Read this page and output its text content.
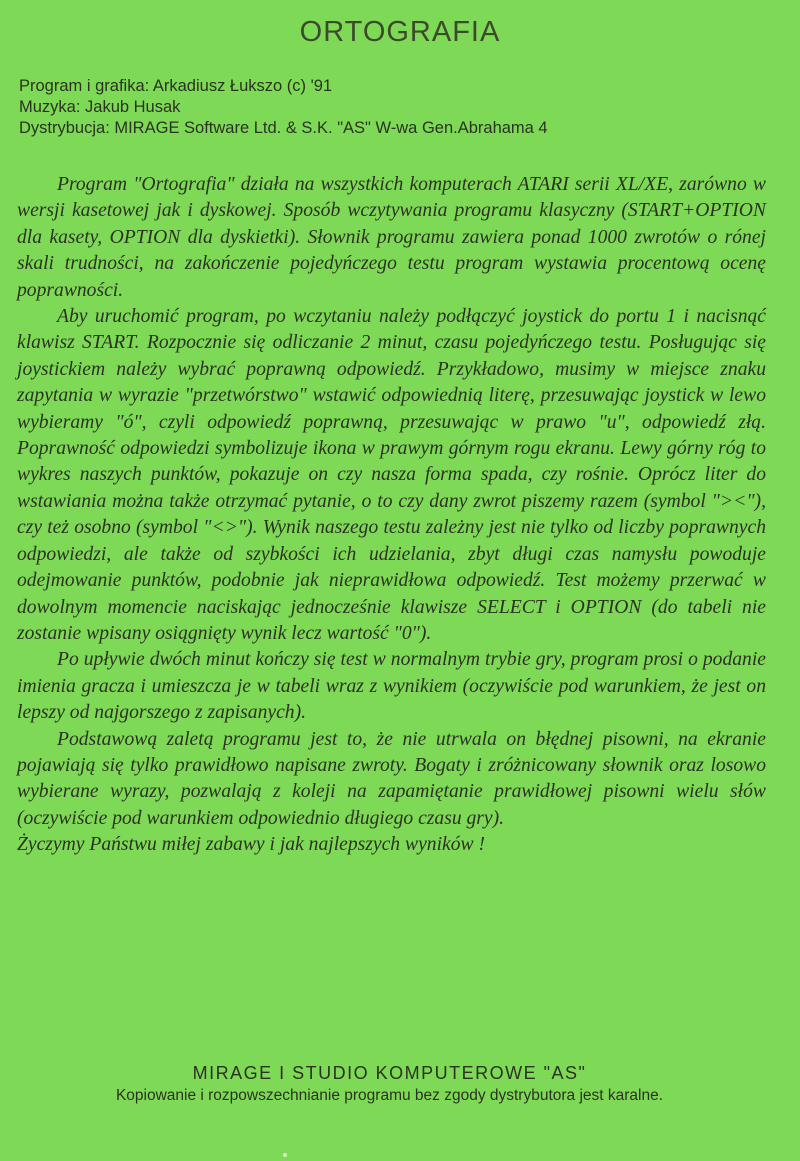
ORTOGRAFIA
Program i grafika: Arkadiusz Łukszo (c) '91
Muzyka: Jakub Husak
Dystrybucja: MIRAGE Software Ltd. & S.K. "AS" W-wa Gen.Abrahama 4

Program "Ortografia" działa na wszystkich komputerach ATARI serii XL/XE, zarówno w wersji kasetowej jak i dyskowej. Sposób wczytywania programu klasyczny (START+OPTION dla kasety, OPTION dla dyskietki). Słownik programu zawiera ponad 1000 zwrotów o rónej skali trudności, na zakończenie pojedyńczego testu program wystawia procentową ocenę poprawności.

Aby uruchomić program, po wczytaniu należy podłączyć joystick do portu 1 i nacisnąć klawisz START. Rozpocznie się odliczanie 2 minut, czasu pojedyńczego testu. Posługując się joystickiem należy wybrać poprawną odpowiedź. Przykładowo, musimy w miejsce znaku zapytania w wyrazie "przetwórstwo" wstawić odpowiednią literę, przesuwając joystick w lewo wybieramy "ó", czyli odpowiedź poprawną, przesuwając w prawo "u", odpowiedź złą. Poprawność odpowiedzi symbolizuje ikona w prawym górnym rogu ekranu. Lewy górny róg to wykres naszych punktów, pokazuje on czy nasza forma spada, czy rośnie. Oprócz liter do wstawiania można także otrzymać pytanie, o to czy dany zwrot piszemy razem (symbol "><"), czy też osobno (symbol "<>"). Wynik naszego testu zależny jest nie tylko od liczby poprawnych odpowiedzi, ale także od szybkości ich udzielania, zbyt długi czas namysłu powoduje odejmowanie punktów, podobnie jak nieprawidłowa odpowiedź. Test możemy przerwać w dowolnym momencie naciskając jednocześnie klawisze SELECT i OPTION (do tabeli nie zostanie wpisany osiągnięty wynik lecz wartość "0").

Po upływie dwóch minut kończy się test w normalnym trybie gry, program prosi o podanie imienia gracza i umieszcza je w tabeli wraz z wynikiem (oczywiście pod warunkiem, że jest on lepszy od najgorszego z zapisanych).

Podstawową zaletą programu jest to, że nie utrwala on błędnej pisowni, na ekranie pojawiają się tylko prawidłowo napisane zwroty. Bogaty i zróżnicowany słownik oraz losowo wybierane wyrazy, pozwalają z koleji na zapamiętanie prawidłowej pisowni wielu słów (oczywiście pod warunkiem odpowiednio długiego czasu gry).

Życzymy Państwu miłej zabawy i jak najlepszych wyników !

MIRAGE I STUDIO KOMPUTEROWE "AS"
Kopiowanie i rozpowszechnianie programu bez zgody dystrybutora jest karalne.
